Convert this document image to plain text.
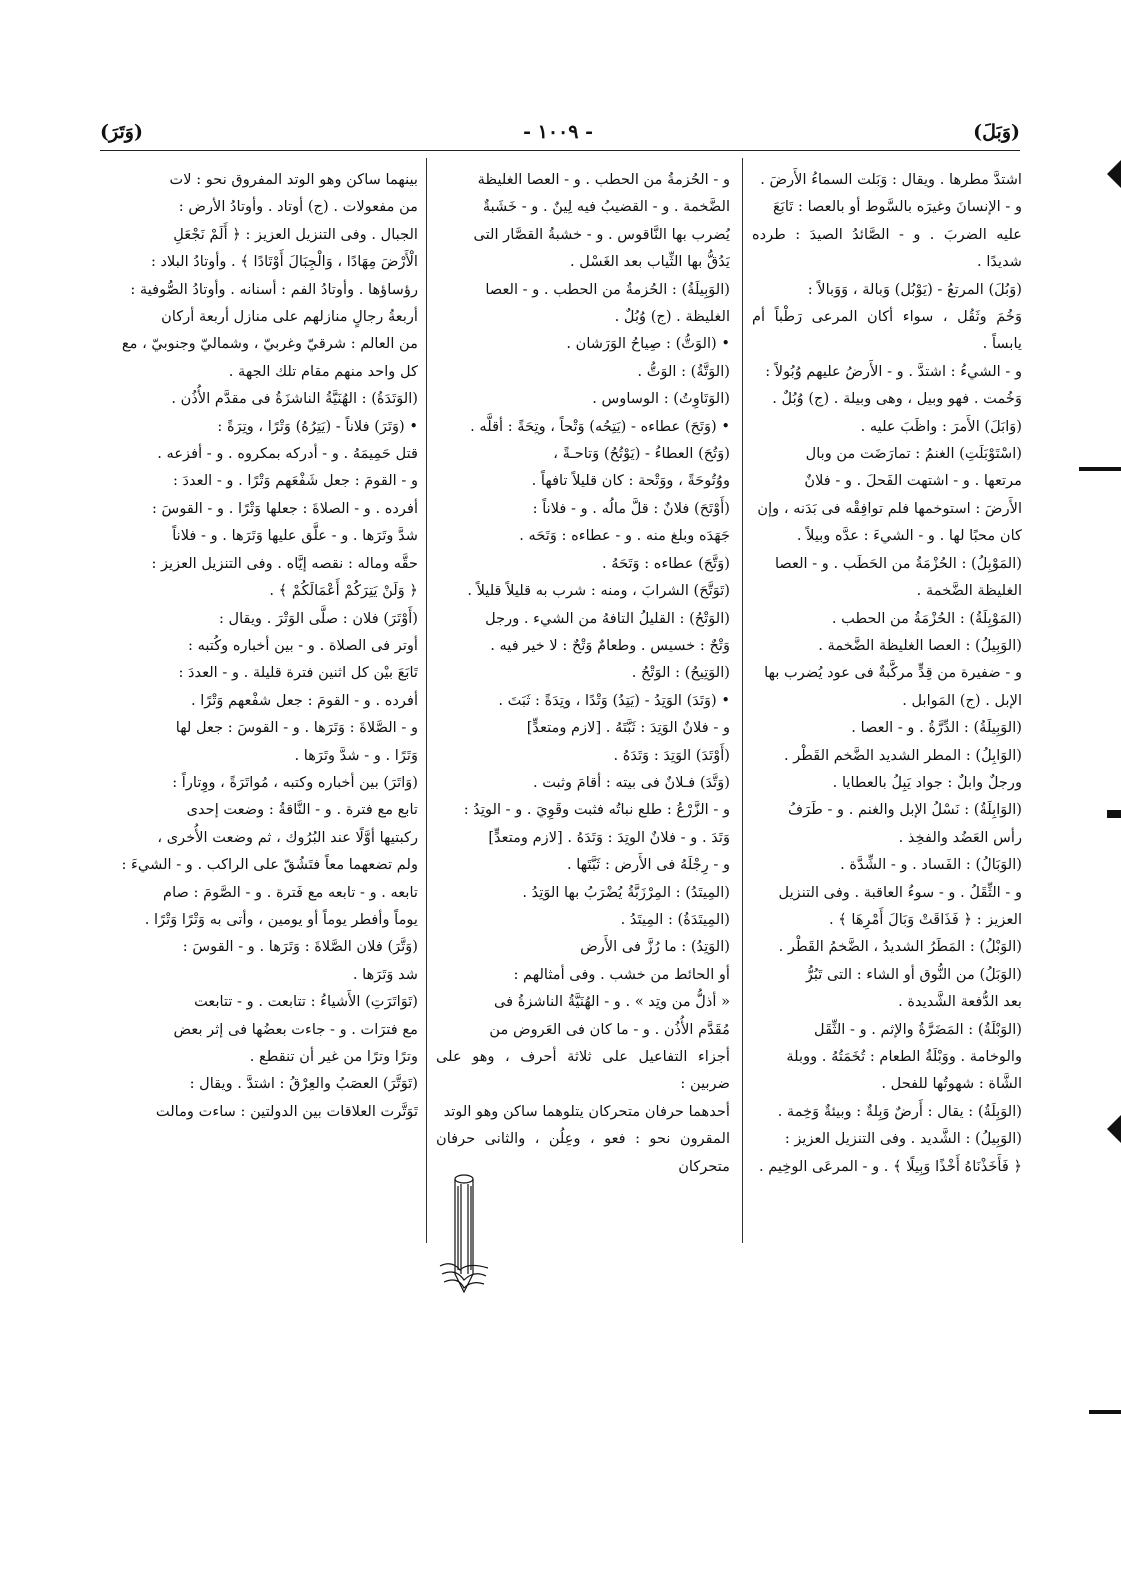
(وَبَلَ)
- ١٠٠٩ -
(وَتَرَ)

اشتدَّ مطرها . ويقال : وَبَلت السماءُ الأَرضَ .

و - الإنسانَ وغيرَه بالسَّوط أو بالعصا : تَابَعَ

عليه الضربَ . و - الصَّائدُ الصيدَ : طرده شديدًا .

(وَبُلَ) المرتعُ - (يَوْبُل) وَبالة ، وَوَبالاً :

وَخُمَ وثَقُل ، سواء أكان المرعى رَطْباً أم يابساً .

و - الشيءُ : اشتدَّ . و - الأَرضُ عليهم وُبُولاً :

وَخُمت . فهو وبيل ، وهى وبيلة . (ج) وُبُلٌ .

(وَابَلَ) الأَمرَ : واظَبَ عليه .

(اسْتَوْبَلَتِ) الغنمُ : تمارَضَت من وبال

مرتعها . و - اشتهت الفَحلَ . و - فلانٌ

الأَرضَ : استوخمها فلم توافِقْه فى بَدَنه ، وإن

كان محبًا لها . و - الشيءَ : عدَّه وبيلاً .

(المَوْبِلُ) : الحُزْمَةُ من الحَطَب . و - العصا

الغليظة الضَّخمة .

(المَوْبِلَةُ) : الحُزْمَةُ من الحطب .

(الوَبِيلُ) : العصا الغليظة الضَّخمة .

و - ضفيرة من قِدٍّ مركَّبةٌ فى عود يُضرب بها

الإبل . (ج) المَوابل .

(الوَبِيلَةُ) : الدِّرَّةُ . و - العصا .

(الوَابِلُ) : المطر الشديد الضَّخم القَطْر .

ورجلٌ وابلٌ : جواد يَبِلُ بالعطايا .

(الوَابِلَةُ) : نَسْلُ الإبل والغنم . و - طَرَفُ

رأس العَضُد والفخِذ .

(الوَبَالُ) : الفَساد . و - الشِّدَّة .

و - الثِّقَلُ . و - سوءُ العاقبة . وفى التنزيل

العزيز : ﴿ فَذَاقَتْ وَبَالَ أَمْرِهَا ﴾ .

(الوَبْلُ) : المَطَرُ الشديدُ ، الضَّخمُ القَطْر .

(الوَبَلُ) من النُّوق أو الشاء : التى تَبُرُّ

بعد الدُّفعة الشَّديدة .

(الوَبْلَةُ) : المَضَرَّةُ والإثم . و - الثِّقَل

والوخامة . ووَبْلَةُ الطعام : تُخَمَتُهُ . ووبلة

الشَّاة : شهوتُها للفحل .

(الوَبِلَةُ) : يقال : أَرضٌ وَبِلةٌ : وبيئةٌ وَخِمة .

(الوَبِيلُ) : الشَّديد . وفى التنزيل العزيز :

﴿ فَأَخَذْنَاهُ أَخْذًا وَبِيلًا ﴾ . و - المرعَى الوخِيم .

و - الحُزمةُ من الحطب . و - العصا الغليظة

الضَّخمة . و - القضيبُ فيه لِينٌ . و - خَشَبةٌ

يُضرب بها النَّاقوس . و - خشبةُ القصَّار التى

يَدُقُّ بها الثِّياب بعد الغَسْل .

(الوَبِيلَةُ) : الحُزمةُ من الحطب . و - العصا

الغليظة . (ج) وُبُلٌ .

• (الوَتُّ) : صِياحُ الوَرَشان .

(الوَتَّةُ) : الوَتُّ .

(الوَتَاوِتُ) : الوساوس .

• (وَتَحَ) عطاءه - (يَتِحُه) وَتْحاً ، وتِحَةً : أقلَّه .

(وَتُحَ) العطاءُ - (يَوْتُحُ) وَتاحـةً ،

ووُتُوحَةً ، ووَتْحة : كان قليلاً تافهاً .

(أَوْتَحَ) فلانٌ : قلَّ مالُه . و - فلاناً :

جَهَدَه وبلغ منه . و - عطاءه : وَتَحَه .

(وَتَّحَ) عطاءه : وَتَحَهُ .

(تَوَتَّحَ) الشرابَ ، ومنه : شرب به قليلاً قليلاً .

(الوَتْحُ) : القليلُ التافهُ من الشيء . ورجل

وَتْحٌ : خسيس . وطعامٌ وَتْحٌ : لا خير فيه .

(الوَتِيحُ) : الوَتْحُ .

• (وَتَدَ) الوَتِدُ - (يَتِدُ) وَتْدًا ، وتِدَةً : ثَبَتَ .

و - فلانٌ الوَتِدَ : ثَبَّتَهُ . [لازم ومتعدٍّ]

(أَوْتَدَ) الوَتِدَ : وَتَدَهُ .

(وَتَّدَ) فـلانٌ فى بيته : أقامَ وثبت .

و - الزَّرْعُ : طلع نباتُه فثبت وقَوِيَ . و - الوتِدُ :

وَتَدَ . و - فلانٌ الوتِدَ : وَتَدَهُ . [لازم ومتعدٍّ]

و - رِجْلَهُ فى الأَرض : ثَبَّتَها .

(المِيتَدُ) : المِرْزَبَّةُ يُضْرَبُ بها الوَتِدُ .

(المِيتَدَةُ) : المِيتَدُ .

(الوَتِدُ) : ما رُزَّ فى الأَرض

أو الحائط من خشب . وفى أمثالهم :

« أذلُّ من وتِد » . و - الهُنَيَّةُ الناشزةُ فى

مُقَدَّم الأُذُن . و - ما كان فى العَروض من

أجزاء التفاعيل على ثلاثة أحرف ، وهو على ضربين :

أحدهما حرفان متحركان يتلوهما ساكن وهو الوتد

المقرون نحو : فعو ، وعِلُن ، والثانى حرفان متحركان

بينهما ساكن وهو الوتد المفروق نحو : لات

من مفعولات . (ج) أوتاد . وأوتادُ الأرض :

الجبال . وفى التنزيل العزيز : ﴿ أَلَمْ نَجْعَلِ

الْأَرْضَ مِهَادًا ، وَالْجِبَالَ أَوْتَادًا ﴾ . وأوتادُ البلاد :

رؤساؤها . وأوتادُ الفم : أسنانه . وأوتادُ الصُّوفية :

أربعةُ رجالٍ منازلهم على منازل أربعة أركان

من العالم : شرقيّ وغربيّ ، وشماليّ وجنوبيّ ، مع

كل واحد منهم مقام تلك الجهة .

(الوَتَدَةُ) : الهُنَيَّةُ الناشزَةُ فى مقدَّم الأُذُن .

• (وَتَرَ) فلاناً - (يَتِرُهُ) وَتْرًا ، وتِرَةً :

قتل حَمِيمَهُ . و - أدركه بمكروه . و - أفزعه .

و - القومَ : جعل شَفْعَهم وَتْرًا . و - العددَ :

أفرده . و - الصلاةَ : جعلها وَتْرًا . و - القوسَ :

شدَّ وتَرَها . و - علَّق عليها وَتَرَها . و - فلاناً

حقَّه وماله : نقصه إيَّاه . وفى التنزيل العزيز :

﴿ وَلَنْ يَتِرَكُمْ أَعْمَالَكُمْ ﴾ .

(أَوْتَرَ) فلان : صلَّى الوَتْرَ . ويقال :

أوتر فى الصلاة . و - بين أخباره وكُتبه :

تَابَعَ بيْن كل اثنين فترة قليلة . و - العددَ :

أفرده . و - القومَ : جعل شفْعهم وَتْرًا .

و - الصَّلاةَ : وَتَرَها . و - القوسَ : جعل لها

وَتَرًا . و - شدَّ وتَرَها .

(وَاتَرَ) بين أخباره وكتبه ، مُواتَرَةً ، ووِتاراً :

تابع مع فترة . و - النَّاقةُ : وضعت إحدى

ركبتيها أوَّلًا عند البُرُوك ، ثم وضعت الأُخرى ،

ولم تضعهما معاً فتَشُقّ على الراكب . و - الشيءَ :

تابعه . و - تابعه مع فَترة . و - الصَّومَ : صام

يوماً وأفطر يوماً أو يومين ، وأتى به وَتْرًا وَتْرًا .

(وَتَّرَ) فلان الصَّلاةَ : وَتَرَها . و - القوسَ :

شد وَتَرَها .

(تَوَاتَرَتِ) الأَشياءُ : تتابعت . و - تتابعت

مع فترَات . و - جاءت بعضُها فى إثر بعض

وترًا وترًا من غير أن تنقطع .

(تَوَتَّرَ) العصَبُ والعِرْقُ : اشتدَّ . ويقال :

تَوَتَّرت العلاقات بين الدولتين : ساءت ومالت
